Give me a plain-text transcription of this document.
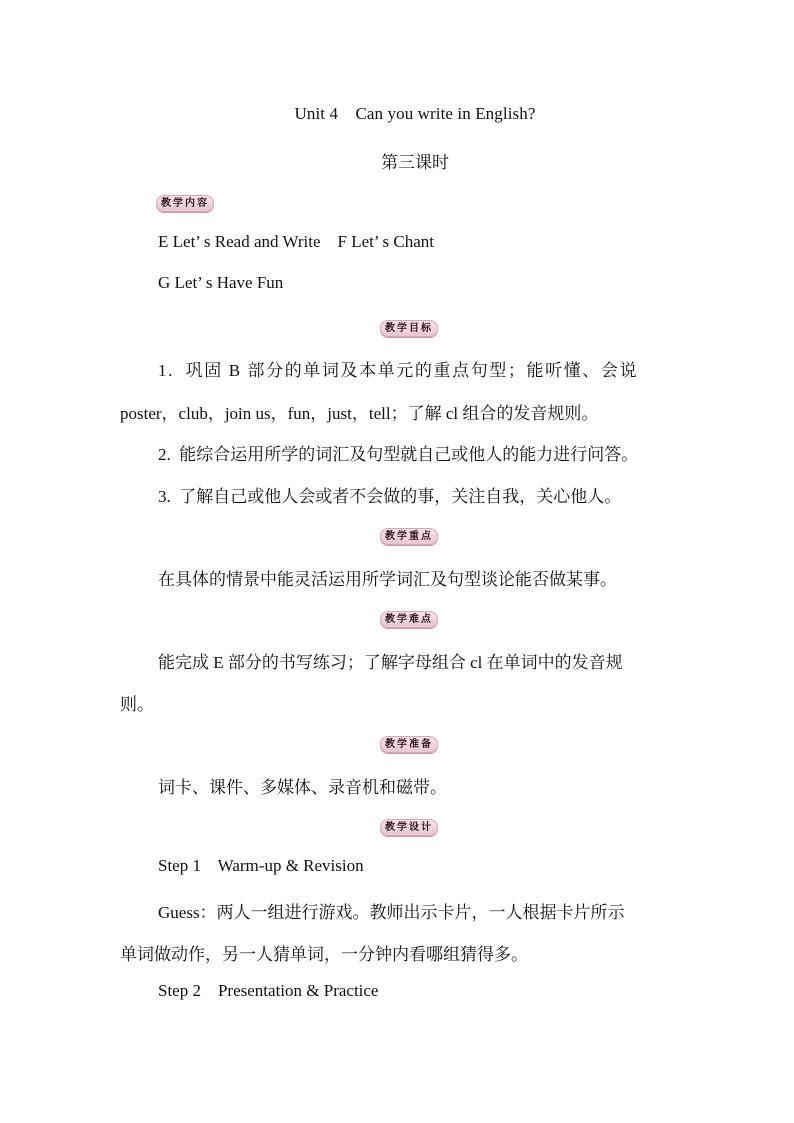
Unit 4    Can you write in English?
第三课时
教学内容
E Let’ s Read and Write    F Let’ s Chant
G Let’ s Have Fun
教学目标
1.  巩固 B 部分的单词及本单元的重点句型；能听懂、会说
poster，club，join us，fun，just，tell；了解 cl 组合的发音规则。
2.  能综合运用所学的词汇及句型就自己或他人的能力进行问答。
3.  了解自己或他人会或者不会做的事，关注自我，关心他人。
教学重点
在具体的情景中能灵活运用所学词汇及句型谈论能否做某事。
教学难点
能完成 E 部分的书写练习；了解字母组合 cl 在单词中的发音规
则。
教学准备
词卡、课件、多媒体、录音机和磁带。
教学设计
Step 1    Warm-up & Revision
Guess：两人一组进行游戏。教师出示卡片，一人根据卡片所示
单词做动作，另一人猜单词，一分钟内看哪组猜得多。
Step 2    Presentation & Practice
